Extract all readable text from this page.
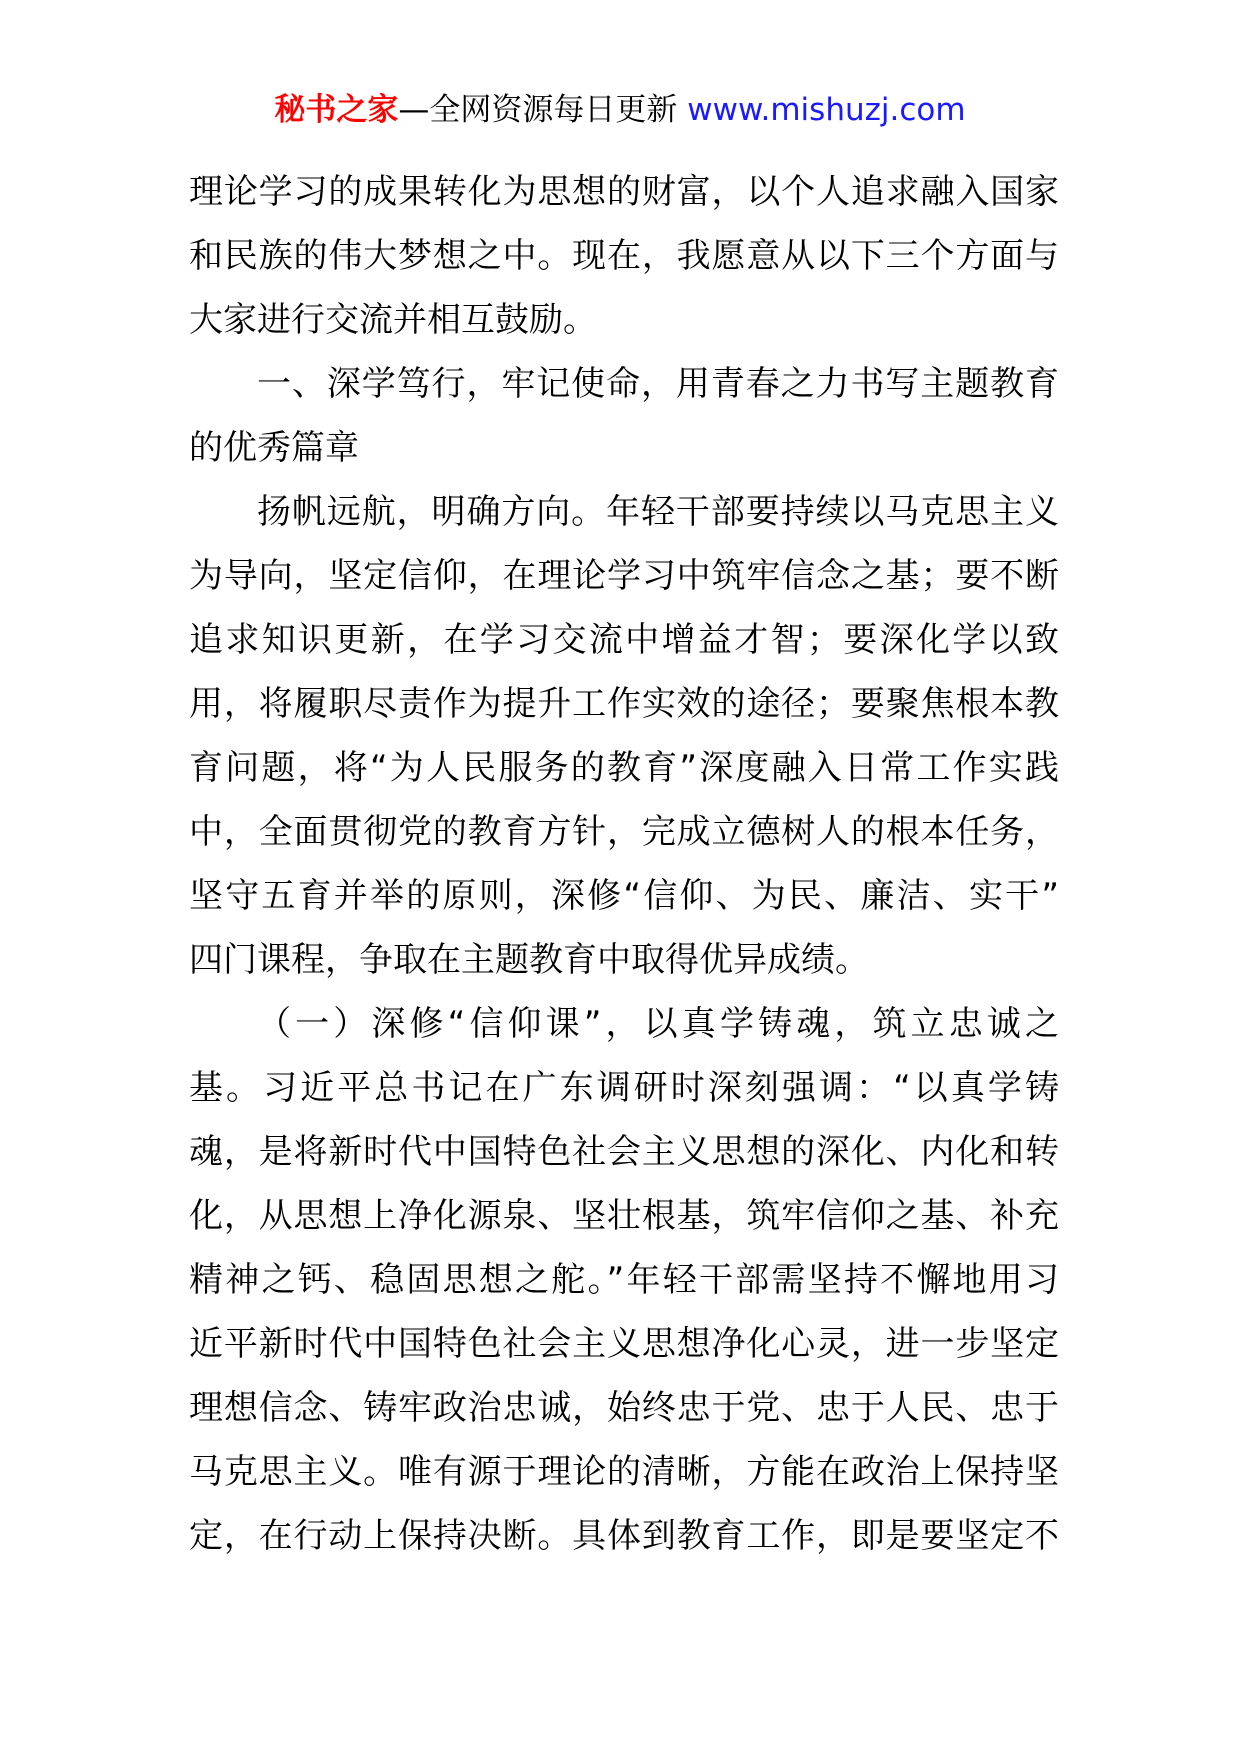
秘书之家—全网资源每日更新 www.mishuzj.com
理论学习的成果转化为思想的财富，以个人追求融入国家
和民族的伟大梦想之中。现在，我愿意从以下三个方面与
大家进行交流并相互鼓励。
一、深学笃行，牢记使命，用青春之力书写主题教育
的优秀篇章
扬帆远航，明确方向。年轻干部要持续以马克思主义
为导向，坚定信仰，在理论学习中筑牢信念之基；要不断
追求知识更新，在学习交流中增益才智；要深化学以致
用，将履职尽责作为提升工作实效的途径；要聚焦根本教
育问题，将“为人民服务的教育”深度融入日常工作实践
中，全面贯彻党的教育方针，完成立德树人的根本任务，
坚守五育并举的原则，深修“信仰、为民、廉洁、实干”
四门课程，争取在主题教育中取得优异成绩。
（一）深修“信仰课”，以真学铸魂，筑立忠诚之
基。习近平总书记在广东调研时深刻强调：“以真学铸
魂，是将新时代中国特色社会主义思想的深化、内化和转
化，从思想上净化源泉、坚壮根基，筑牢信仰之基、补充
精神之钙、稳固思想之舵。”年轻干部需坚持不懈地用习
近平新时代中国特色社会主义思想净化心灵，进一步坚定
理想信念、铸牢政治忠诚，始终忠于党、忠于人民、忠于
马克思主义。唯有源于理论的清晰，方能在政治上保持坚
定，在行动上保持决断。具体到教育工作，即是要坚定不
